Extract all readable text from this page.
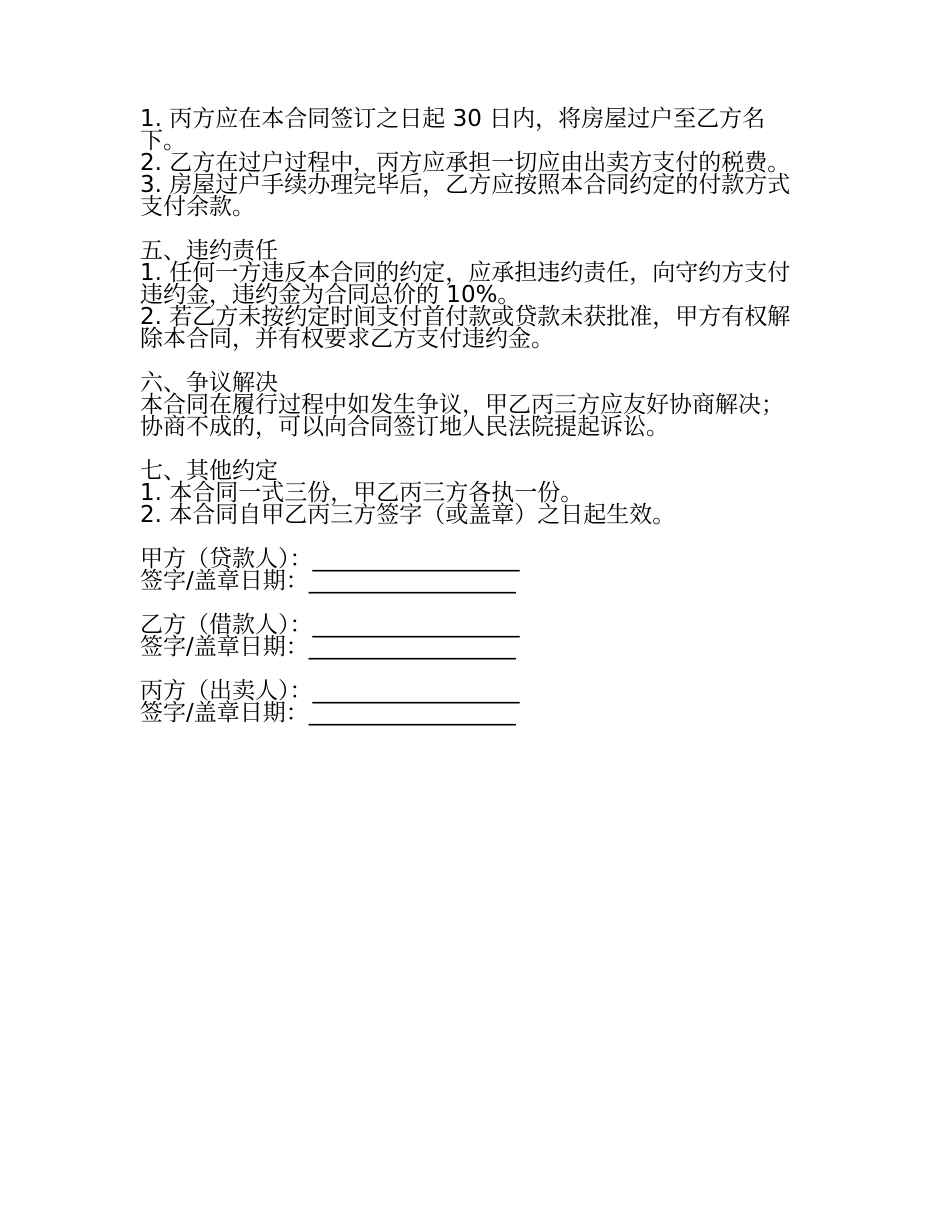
1. 丙方应在本合同签订之日起 30 日内，将房屋过户至乙方名下。

2. 乙方在过户过程中，丙方应承担一切应由出卖方支付的税费。

3. 房屋过户手续办理完毕后，乙方应按照本合同约定的付款方式支付余款。

五、违约责任

1. 任何一方违反本合同的约定，应承担违约责任，向守约方支付违约金，违约金为合同总价的 10%。

2. 若乙方未按约定时间支付首付款或贷款未获批准，甲方有权解除本合同，并有权要求乙方支付违约金。

六、争议解决

本合同在履行过程中如发生争议，甲乙丙三方应友好协商解决；协商不成的，可以向合同签订地人民法院提起诉讼。

七、其他约定

1. 本合同一式三份，甲乙丙三方各执一份。

2. 本合同自甲乙丙三方签字（或盖章）之日起生效。

甲方（贷款人）：__________________
签字/盖章日期：__________________
乙方（借款人）：__________________
签字/盖章日期：__________________
丙方（出卖人）：__________________
签字/盖章日期：__________________
